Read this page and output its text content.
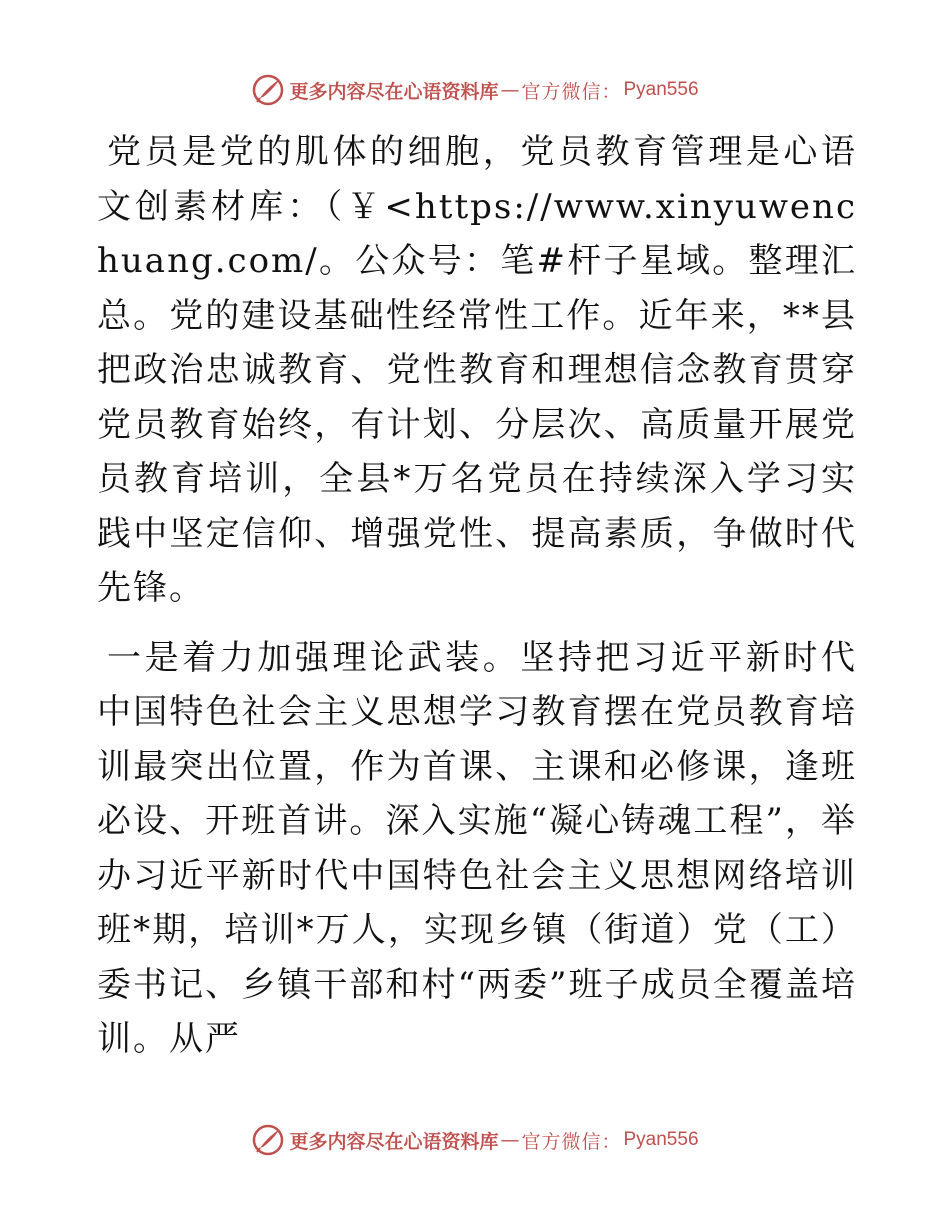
更多内容尽在心语资料库 — 官方微信： Pyan556

党员是党的肌体的细胞，党员教育管理是心语文创素材库：（￥<https://www.xinyuwenchuang.com/。公众号：笔#杆子星域。整理汇总。党的建设基础性经常性工作。近年来，**县把政治忠诚教育、党性教育和理想信念教育贯穿党员教育始终，有计划、分层次、高质量开展党员教育培训，全县*万名党员在持续深入学习实践中坚定信仰、增强党性、提高素质，争做时代先锋。

一是着力加强理论武装。坚持把习近平新时代中国特色社会主义思想学习教育摆在党员教育培训最突出位置，作为首课、主课和必修课，逢班必设、开班首讲。深入实施“凝心铸魂工程”，举办习近平新时代中国特色社会主义思想网络培训班*期，培训*万人，实现乡镇（街道）党（工）委书记、乡镇干部和村“两委”班子成员全覆盖培训。从严

更多内容尽在心语资料库 — 官方微信： Pyan556
